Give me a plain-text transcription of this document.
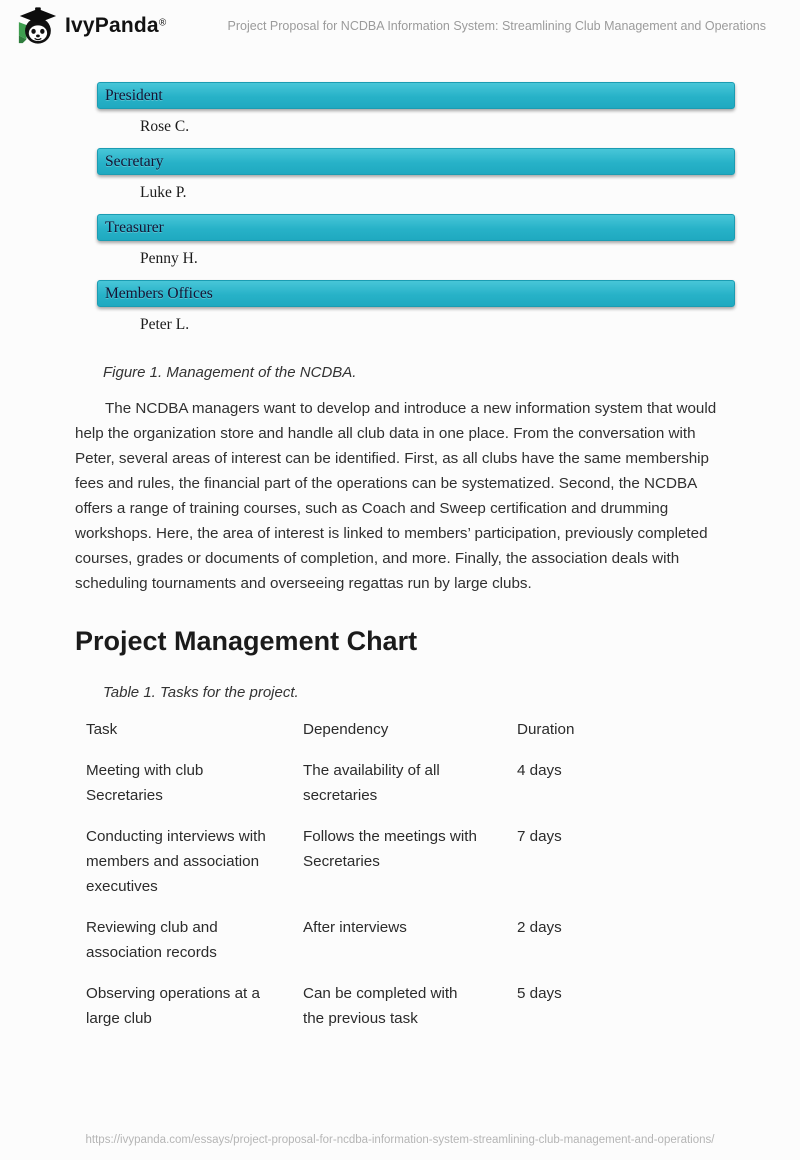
IvyPanda®	Project Proposal for NCDBA Information System: Streamlining Club Management and Operations
President
Rose C.
Secretary
Luke P.
Treasurer
Penny H.
Members Offices
Peter L.
Figure 1. Management of the NCDBA.

The NCDBA managers want to develop and introduce a new information system that would help the organization store and handle all club data in one place. From the conversation with Peter, several areas of interest can be identified. First, as all clubs have the same membership fees and rules, the financial part of the operations can be systematized. Second, the NCDBA offers a range of training courses, such as Coach and Sweep certification and drumming workshops. Here, the area of interest is linked to members’ participation, previously completed courses, grades or documents of completion, and more. Finally, the association deals with scheduling tournaments and overseeing regattas run by large clubs.

Project Management Chart
Table 1. Tasks for the project.
Task	Dependency	Duration
Meeting with club Secretaries	The availability of all secretaries	4 days
Conducting interviews with members and association executives	Follows the meetings with Secretaries	7 days
Reviewing club and association records	After interviews	2 days
Observing operations at a large club	Can be completed with the previous task	5 days
https://ivypanda.com/essays/project-proposal-for-ncdba-information-system-streamlining-club-management-and-operations/
